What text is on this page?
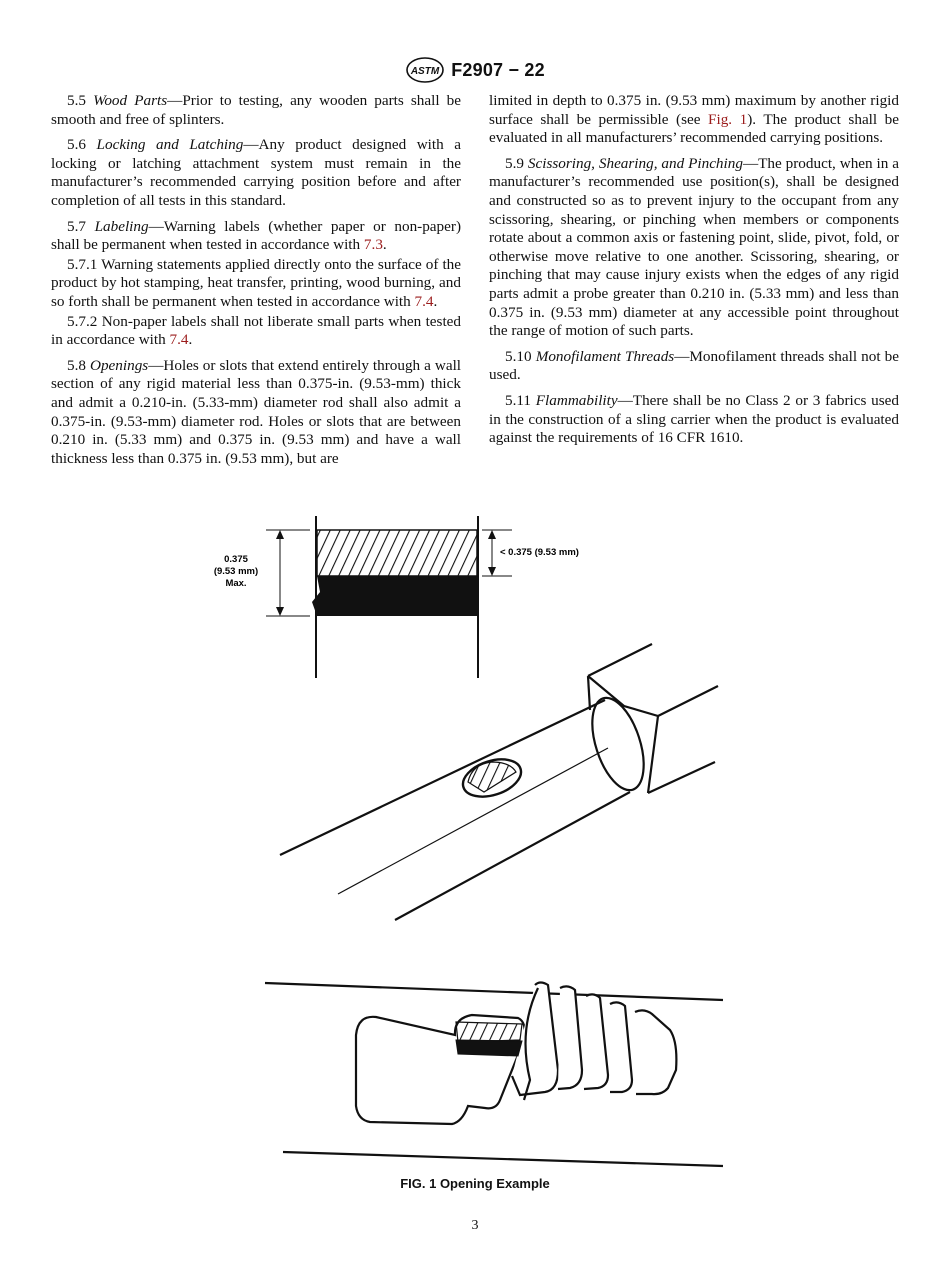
ASTM F2907 − 22

5.5 Wood Parts—Prior to testing, any wooden parts shall be smooth and free of splinters.

5.6 Locking and Latching—Any product designed with a locking or latching attachment system must remain in the manufacturer’s recommended carrying position before and after completion of all tests in this standard.

5.7 Labeling—Warning labels (whether paper or non-paper) shall be permanent when tested in accordance with 7.3.

5.7.1 Warning statements applied directly onto the surface of the product by hot stamping, heat transfer, printing, wood burning, and so forth shall be permanent when tested in accordance with 7.4.

5.7.2 Non-paper labels shall not liberate small parts when tested in accordance with 7.4.

5.8 Openings—Holes or slots that extend entirely through a wall section of any rigid material less than 0.375-in. (9.53-mm) thick and admit a 0.210-in. (5.33-mm) diameter rod shall also admit a 0.375-in. (9.53-mm) diameter rod. Holes or slots that are between 0.210 in. (5.33 mm) and 0.375 in. (9.53 mm) and have a wall thickness less than 0.375 in. (9.53 mm), but are

limited in depth to 0.375 in. (9.53 mm) maximum by another rigid surface shall be permissible (see Fig. 1). The product shall be evaluated in all manufacturers’ recommended carrying positions.

5.9 Scissoring, Shearing, and Pinching—The product, when in a manufacturer’s recommended use position(s), shall be designed and constructed so as to prevent injury to the occupant from any scissoring, shearing, or pinching when members or components rotate about a common axis or fastening point, slide, pivot, fold, or otherwise move relative to one another. Scissoring, shearing, or pinching that may cause injury exists when the edges of any rigid parts admit a probe greater than 0.210 in. (5.33 mm) and less than 0.375 in. (9.53 mm) diameter at any accessible point throughout the range of motion of such parts.

5.10 Monofilament Threads—Monofilament threads shall not be used.

5.11 Flammability—There shall be no Class 2 or 3 fabrics used in the construction of a sling carrier when the product is evaluated against the requirements of 16 CFR 1610.

0.375
(9.53 mm)
Max.
< 0.375 (9.53 mm)
FIG. 1 Opening Example
3
